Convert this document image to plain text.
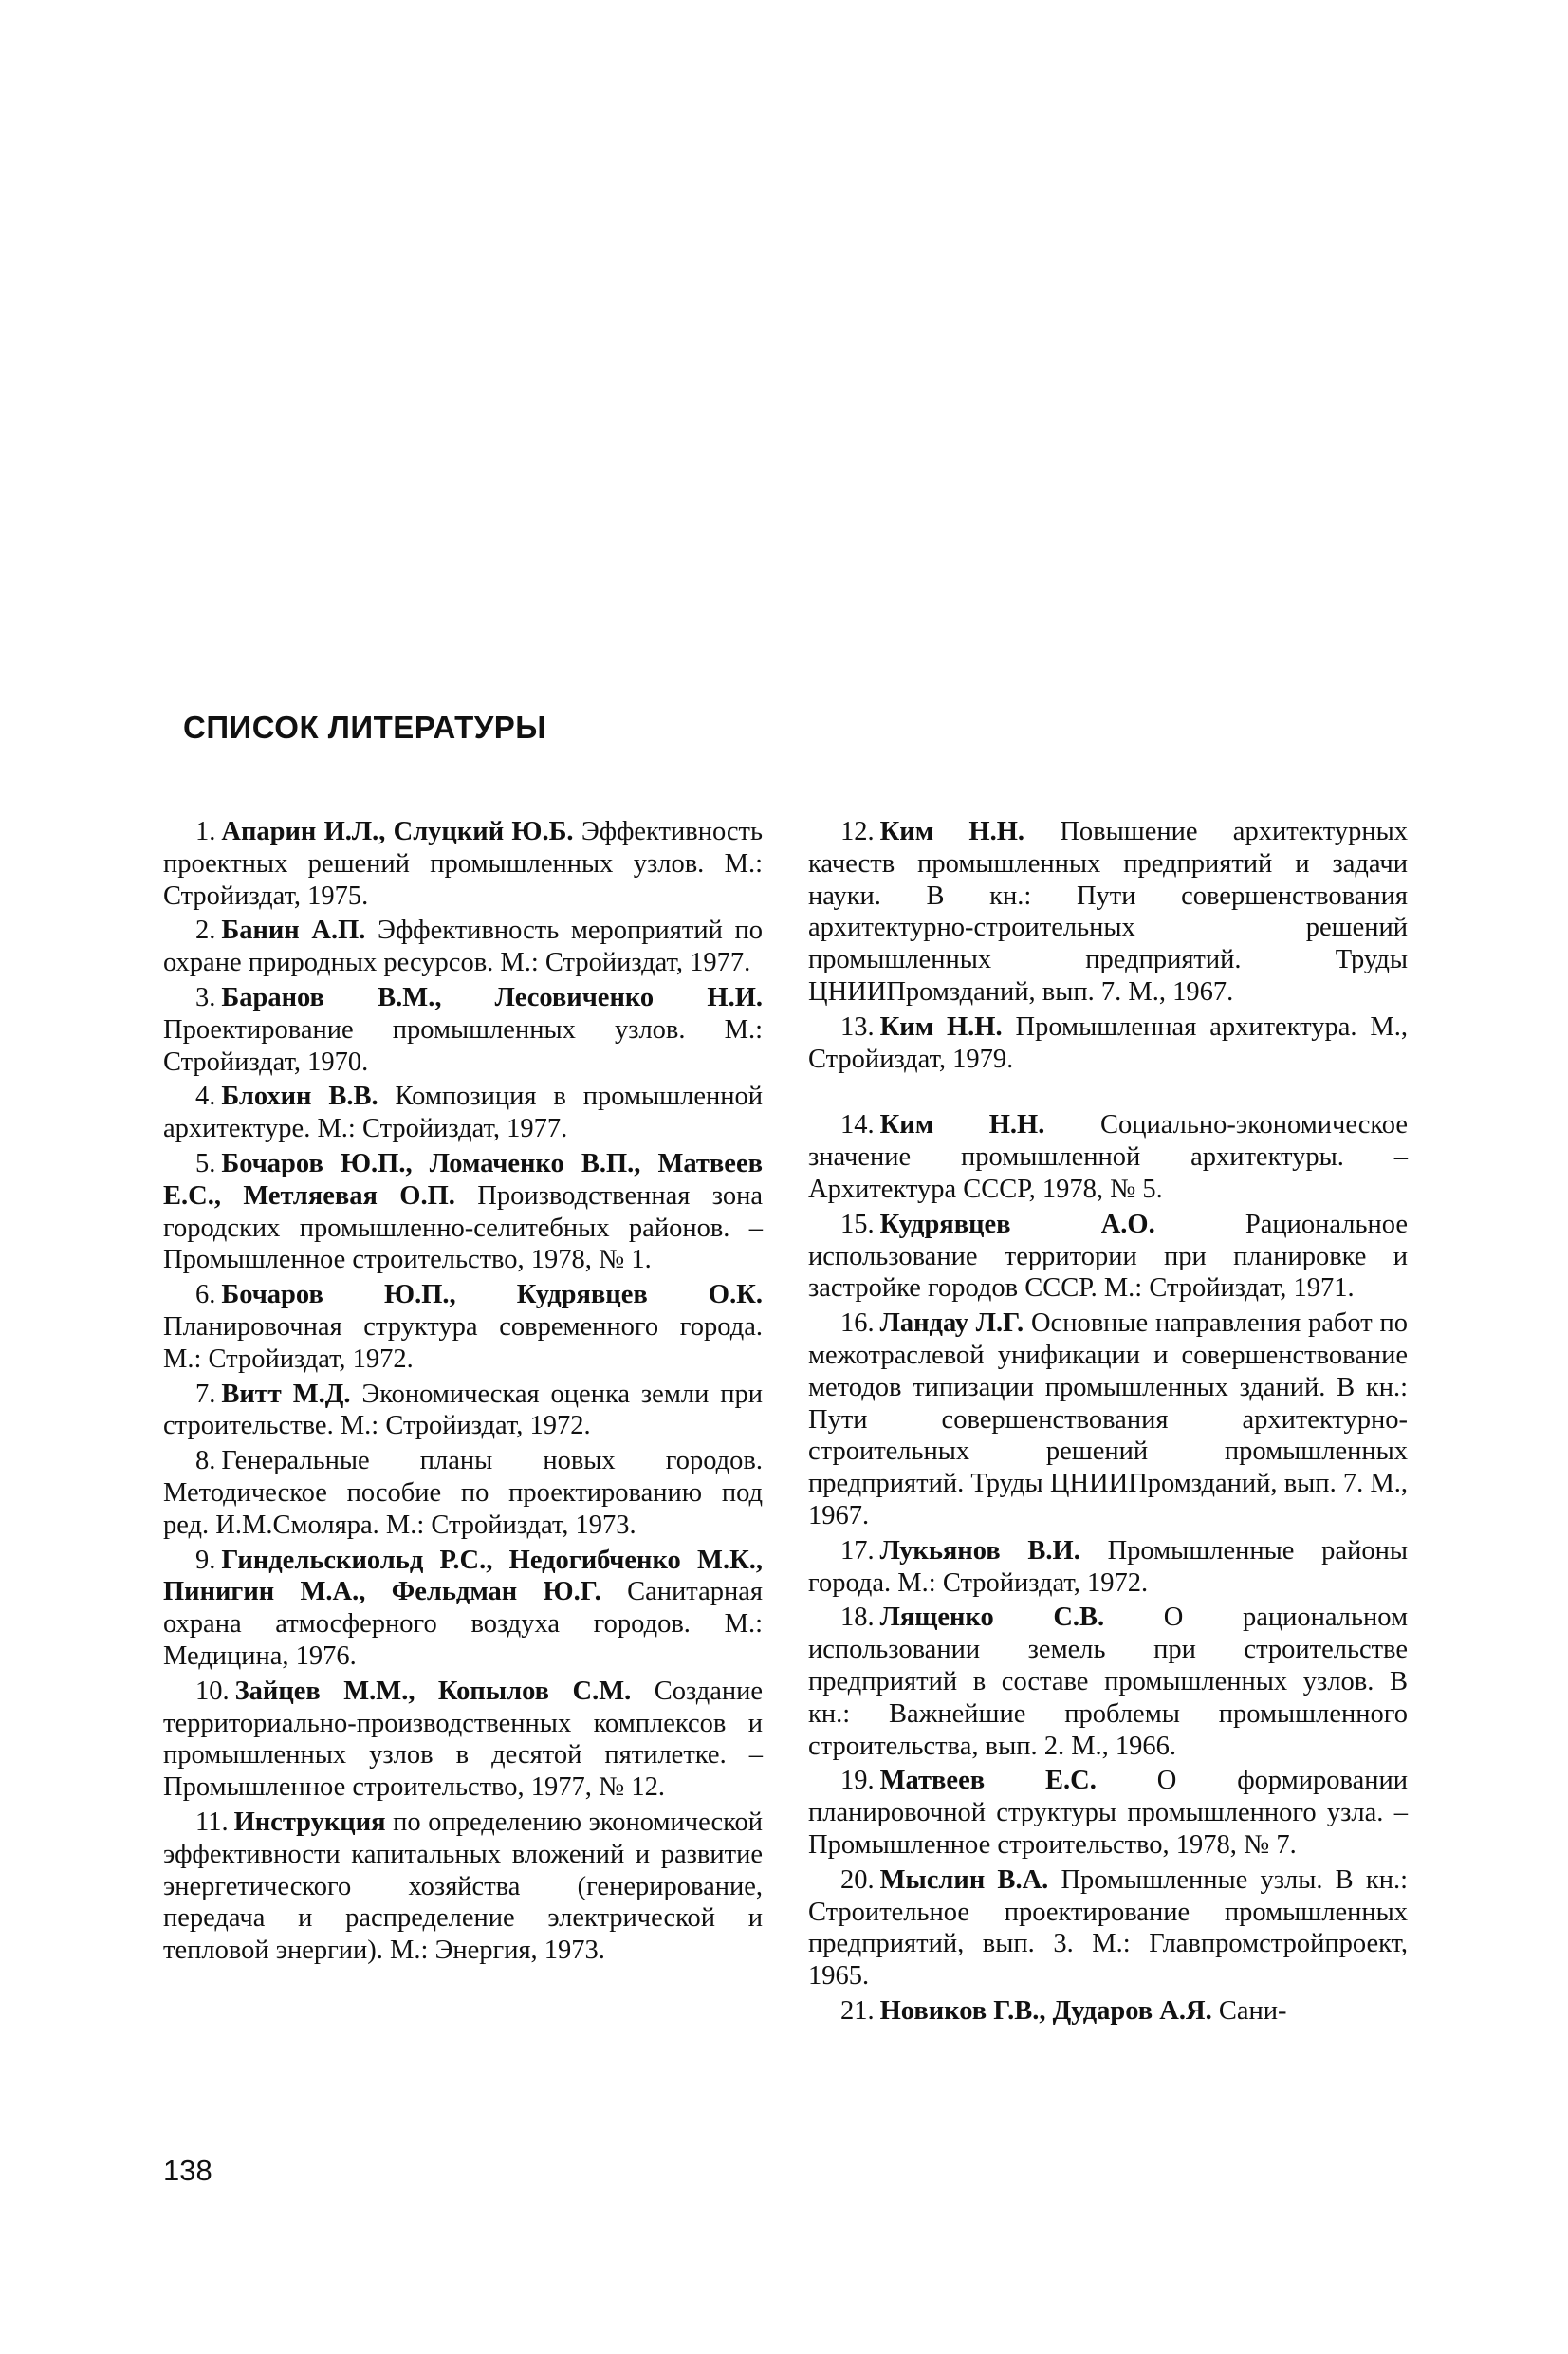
СПИСОК ЛИТЕРАТУРЫ

1. Апарин И.Л., Слуцкий Ю.Б. Эффективность проектных решений промышленных узлов. М.: Стройиздат, 1975.

2. Банин А.П. Эффективность мероприятий по охране природных ресурсов. М.: Стройиздат, 1977.

3. Баранов В.М., Лесовиченко Н.И. Проектирование промышленных узлов. М.: Стройиздат, 1970.

4. Блохин В.В. Композиция в промышленной архитектуре. М.: Стройиздат, 1977.

5. Бочаров Ю.П., Ломаченко В.П., Матвеев Е.С., Метляевая О.П. Производственная зона городских промышленно-селитебных районов. – Промышленное строительство, 1978, № 1.

6. Бочаров Ю.П., Кудрявцев О.К. Планировочная структура современного города. М.: Стройиздат, 1972.

7. Витт М.Д. Экономическая оценка земли при строительстве. М.: Стройиздат, 1972.

8. Генеральные планы новых городов. Методическое пособие по проектированию под ред. И.М.Смоляра. М.: Стройиздат, 1973.

9. Гиндельскиольд Р.С., Недогибченко М.К., Пинигин М.А., Фельдман Ю.Г. Санитарная охрана атмосферного воздуха городов. М.: Медицина, 1976.

10. Зайцев М.М., Копылов С.М. Создание территориально-производственных комплексов и промышленных узлов в десятой пятилетке. – Промышленное строительство, 1977, № 12.

11. Инструкция по определению экономической эффективности капитальных вложений и развитие энергетического хозяйства (генерирование, передача и распределение электрической и тепловой энергии). М.: Энергия, 1973.

12. Ким Н.Н. Повышение архитектурных качеств промышленных предприятий и задачи науки. В кн.: Пути совершенствования архитектурно-строительных решений промышленных предприятий. Труды ЦНИИПромзданий, вып. 7. М., 1967.

13. Ким Н.Н. Промышленная архитектура. М., Стройиздат, 1979.

14. Ким Н.Н. Социально-экономическое значение промышленной архитектуры. – Архитектура СССР, 1978, № 5.

15. Кудрявцев А.О.	Рациональное использование территории при планировке и застройке городов СССР. М.: Стройиздат, 1971.

16. Ландау Л.Г. Основные направления работ по межотраслевой унификации и совершенствование методов типизации промышленных зданий. В кн.: Пути совершенствования архитектурно-строительных решений промышленных предприятий. Труды ЦНИИПромзданий, вып. 7. М., 1967.

17. Лукьянов В.И. Промышленные районы города. М.: Стройиздат, 1972.

18. Лященко С.В. О рациональном использовании земель при строительстве предприятий в составе промышленных узлов. В кн.: Важнейшие проблемы промышленного строительства, вып. 2. М., 1966.

19. Матвеев Е.С. О формировании планировочной структуры промышленного узла. – Промышленное строительство, 1978, № 7.

20. Мыслин В.А. Промышленные узлы. В кн.: Строительное проектирование промышленных предприятий, вып. 3. М.: Главпромстройпроект, 1965.

21. Новиков Г.В., Дударов А.Я. Сани-

138
